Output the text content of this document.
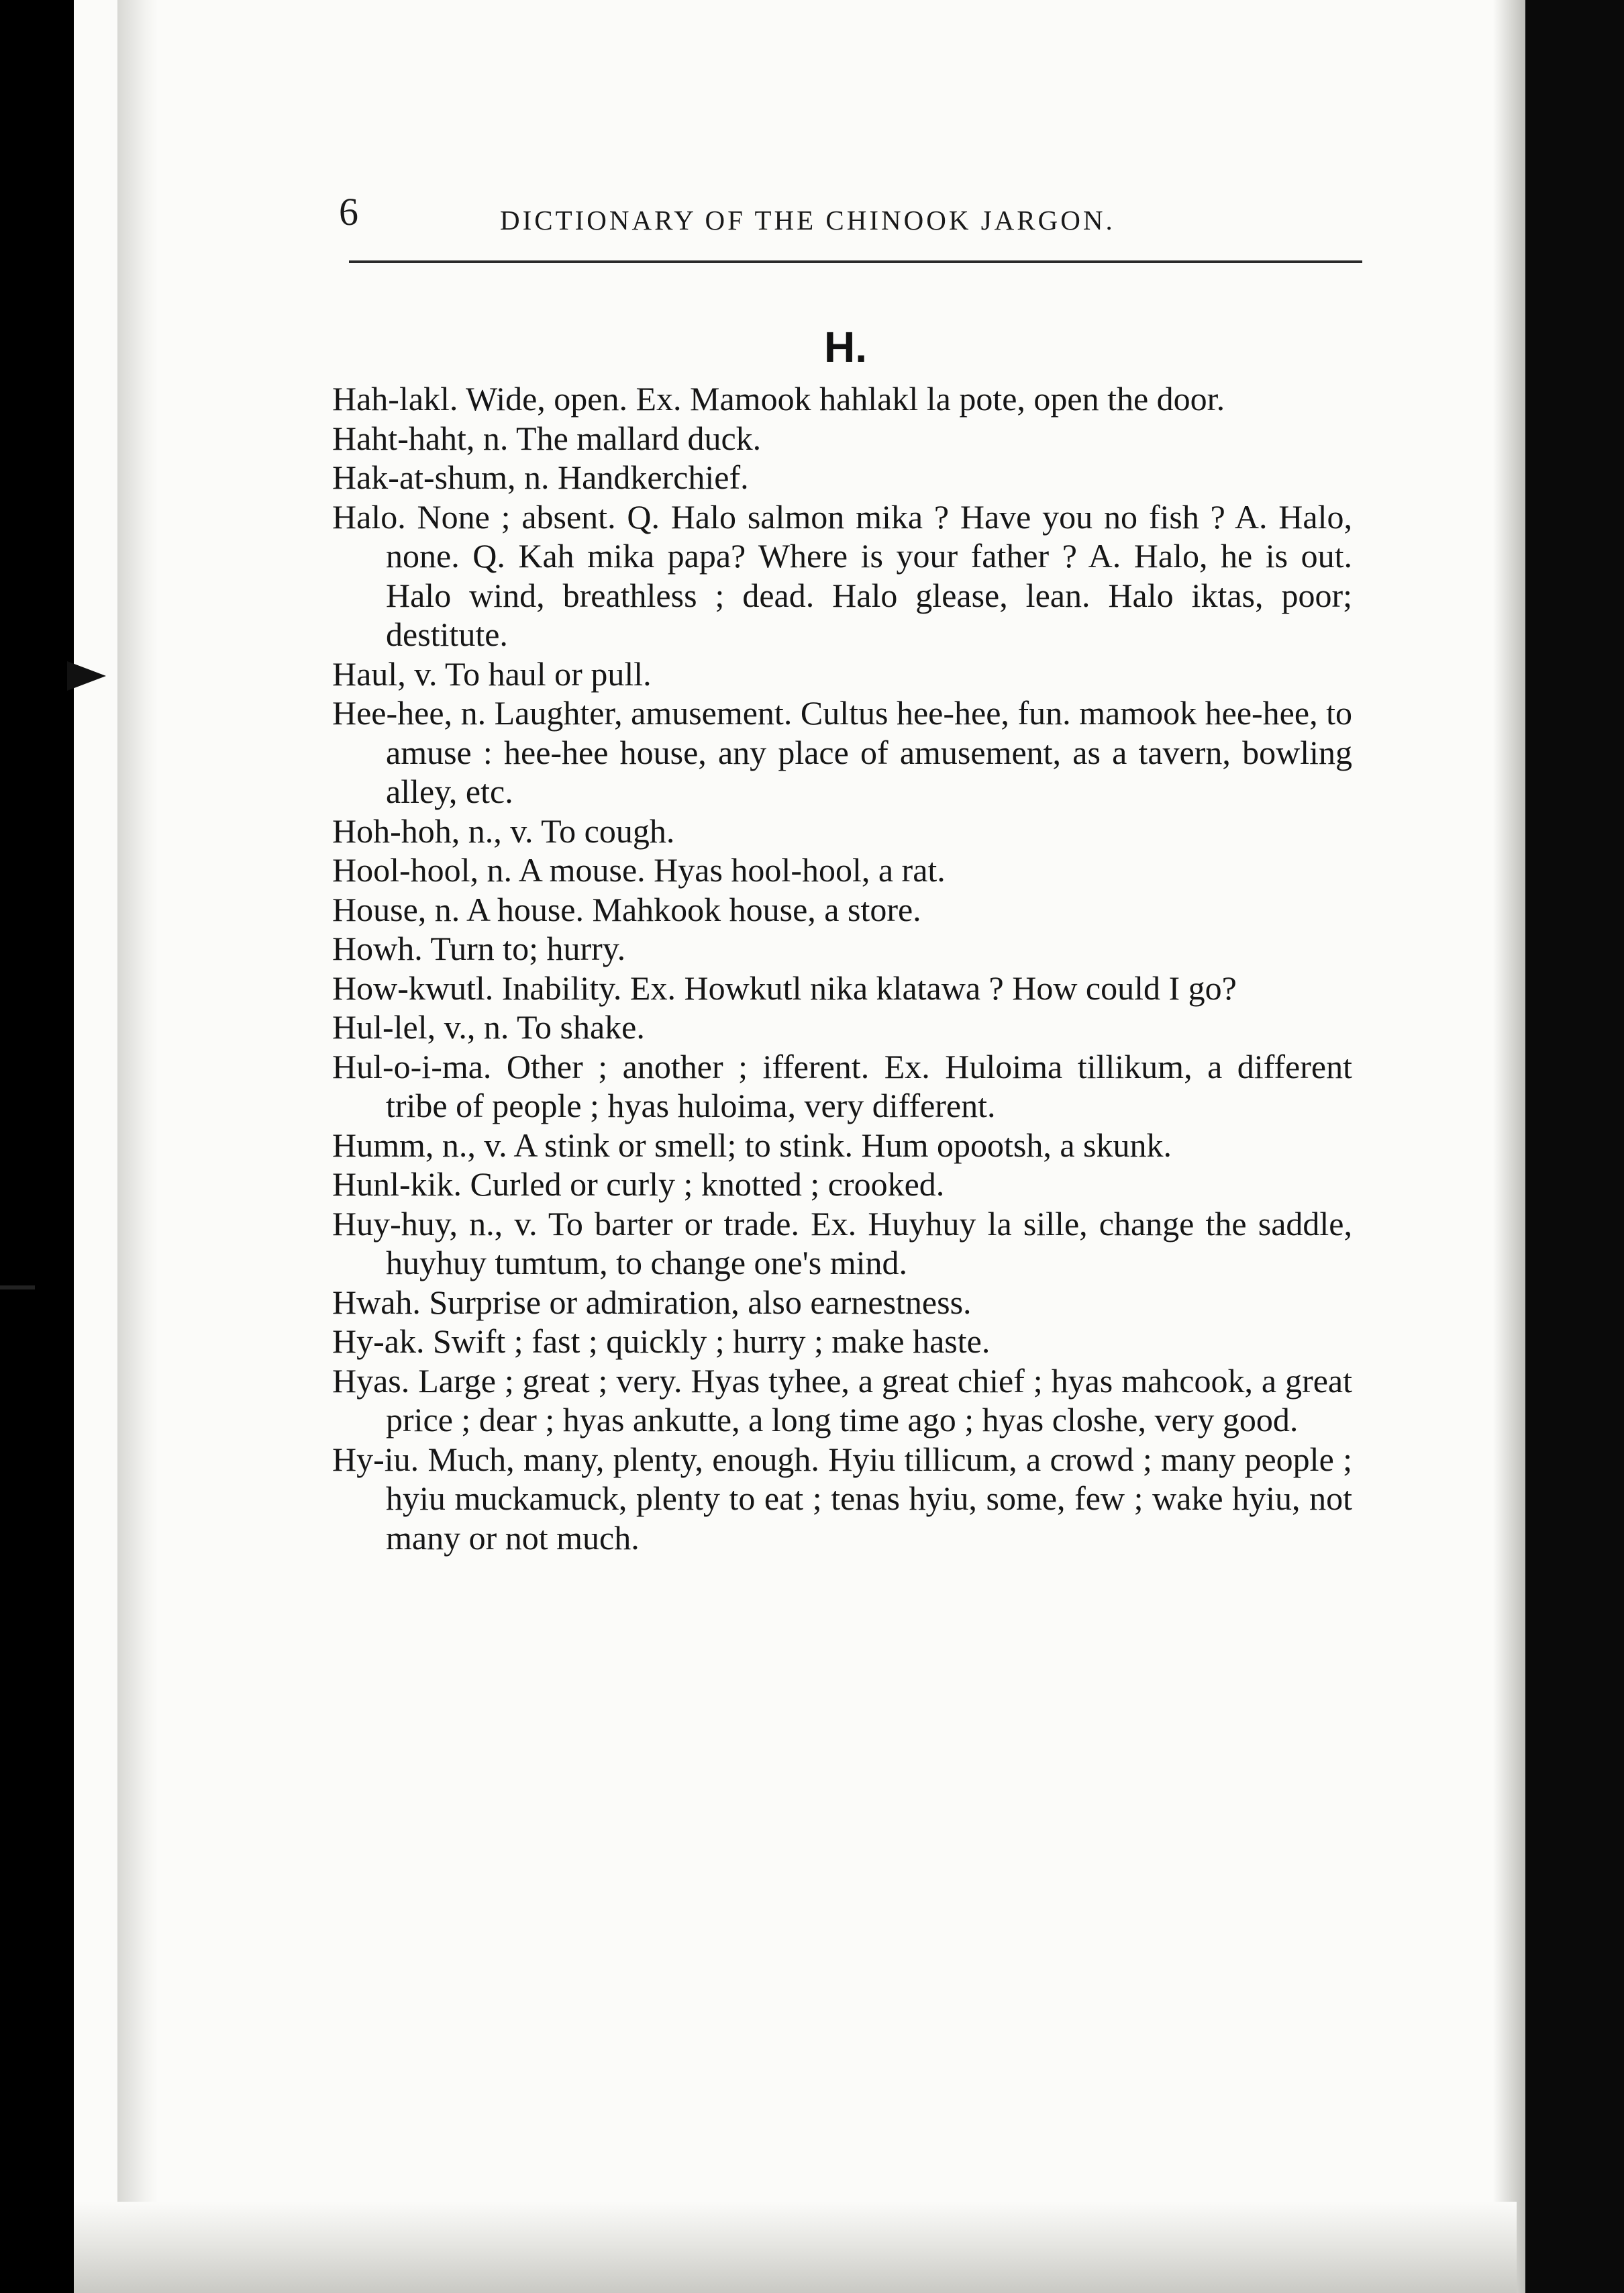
6	DICTIONARY OF THE CHINOOK JARGON.
H.

Hah-lakl. Wide, open. Ex. Mamook hahlakl la pote, open the door.

Haht-haht, n. The mallard duck.

Hak-at-shum, n. Handkerchief.

Halo. None ; absent. Q. Halo salmon mika ? Have you no fish ? A. Halo, none. Q. Kah mika papa? Where is your father ? A. Halo, he is out. Halo wind, breathless ; dead. Halo glease, lean. Halo iktas, poor; destitute.

Haul, v. To haul or pull.

Hee-hee, n. Laughter, amusement. Cultus hee-hee, fun. mamook hee-hee, to amuse : hee-hee house, any place of amusement, as a tavern, bowling alley, etc.

Hoh-hoh, n., v. To cough.

Hool-hool, n. A mouse. Hyas hool-hool, a rat.

House, n. A house. Mahkook house, a store.

Howh. Turn to; hurry.

How-kwutl. Inability. Ex. Howkutl nika klatawa ? How could I go?

Hul-lel, v., n. To shake.

Hul-o-i-ma. Other ; another ; ifferent. Ex. Huloima tillikum, a different tribe of people ; hyas huloima, very different.

Humm, n., v. A stink or smell; to stink. Hum opootsh, a skunk.

Hunl-kik. Curled or curly ; knotted ; crooked.

Huy-huy, n., v. To barter or trade. Ex. Huyhuy la sille, change the saddle, huyhuy tumtum, to change one's mind.

Hwah. Surprise or admiration, also earnestness.

Hy-ak. Swift ; fast ; quickly ; hurry ; make haste.

Hyas. Large ; great ; very. Hyas tyhee, a great chief ; hyas mahcook, a great price ; dear ; hyas ankutte, a long time ago ; hyas closhe, very good.

Hy-iu. Much, many, plenty, enough. Hyiu tillicum, a crowd ; many people ; hyiu muckamuck, plenty to eat ; tenas hyiu, some, few ; wake hyiu, not many or not much.
